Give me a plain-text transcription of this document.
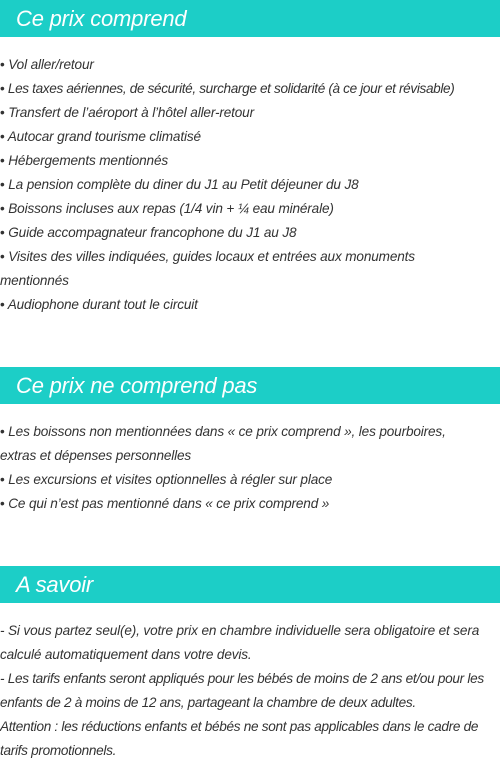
Ce prix comprend
• Vol aller/retour
• Les taxes aériennes, de sécurité, surcharge et solidarité (à ce jour et révisable)
• Transfert de l’aéroport à l’hôtel aller-retour
• Autocar grand tourisme climatisé
• Hébergements mentionnés
• La pension complète du diner du J1 au Petit déjeuner du J8
• Boissons incluses aux repas (1/4 vin + ¼ eau minérale)
• Guide accompagnateur francophone du J1 au J8
• Visites des villes indiquées, guides locaux et entrées aux monuments mentionnés
• Audiophone durant tout le circuit
Ce prix ne comprend pas
• Les boissons non mentionnées dans « ce prix comprend », les pourboires, extras et dépenses personnelles
• Les excursions et visites optionnelles à régler sur place
• Ce qui n’est pas mentionné dans « ce prix comprend »
A savoir
- Si vous partez seul(e), votre prix en chambre individuelle sera obligatoire et sera calculé automatiquement dans votre devis.
- Les tarifs enfants seront appliqués pour les bébés de moins de 2 ans et/ou pour les enfants de 2 à moins de 12 ans, partageant la chambre de deux adultes.
Attention : les réductions enfants et bébés ne sont pas applicables dans le cadre de tarifs promotionnels.
